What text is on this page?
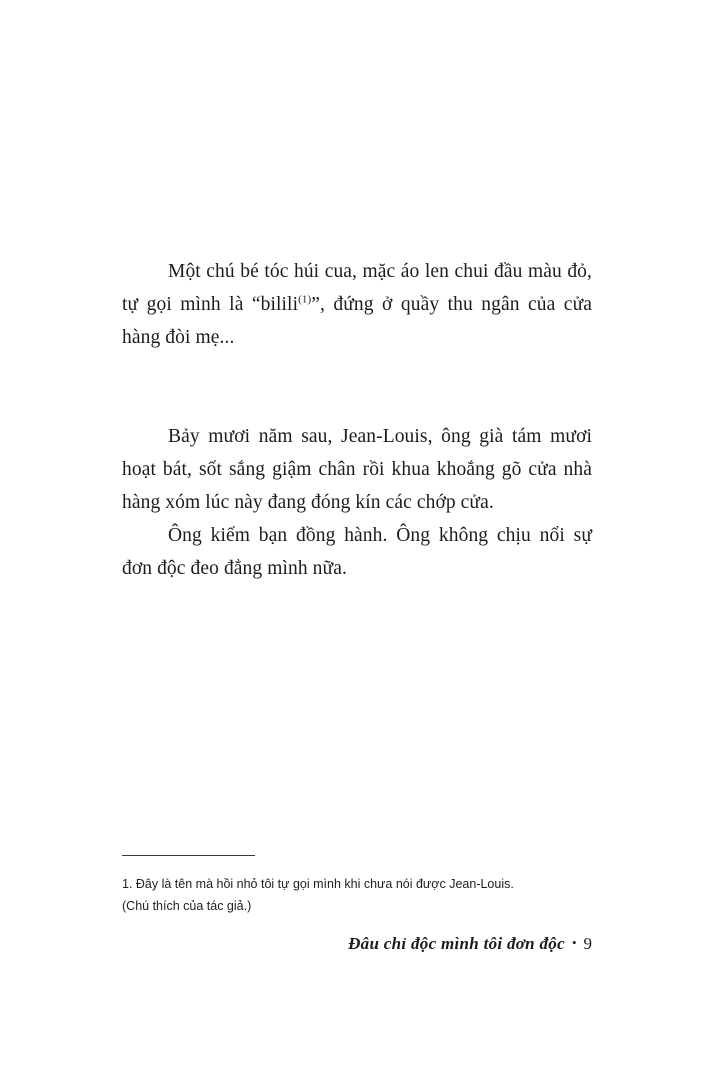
Một chú bé tóc húi cua, mặc áo len chui đầu màu đỏ, tự gọi mình là “bilili$^{(1)}$”, đứng ở quầy thu ngân của cửa hàng đòi mẹ...

Bảy mươi năm sau, Jean-Louis, ông già tám mươi hoạt bát, sốt sắng giậm chân rồi khua khoắng gõ cửa nhà hàng xóm lúc này đang đóng kín các chớp cửa.

Ông kiếm bạn đồng hành. Ông không chịu nổi sự đơn độc đeo đẳng mình nữa.

1. Đây là tên mà hồi nhỏ tôi tự gọi mình khi chưa nói được Jean-Louis.

(Chú thích của tác giả.)

Đâu chỉ độc mình tôi đơn độc • 9
